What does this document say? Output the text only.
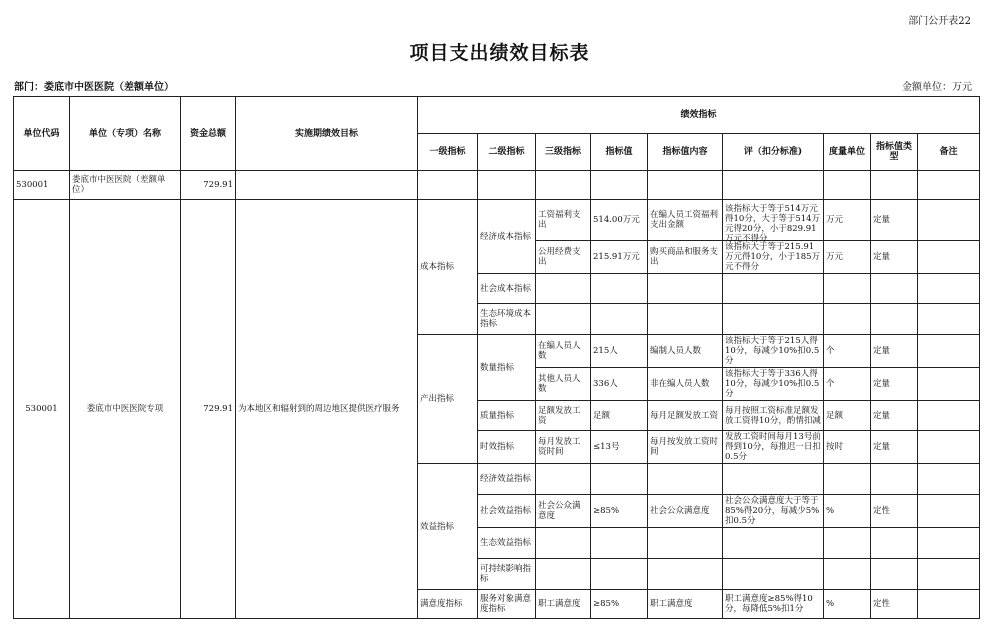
部门公开表22
项目支出绩效目标表
部门：娄底市中医医院（差额单位）	金额单位：万元
单位代码	单位（专项）名称	资金总额	实施期绩效目标	绩效指标								
				一级指标	二级指标	三级指标	指标值	指标值内容	评（扣分标准)	度量单位	指标值类型	备注
530001	娄底市中医医院（差额单位）	729.91										
530001	娄底市中医医院专项	729.91	为本地区和辐射到的周边地区提供医疗服务	成本指标	经济成本指标	工资福利支出	514.00万元	在编人员工资福利支出金额	该指标大于等于514万元得10分，大于等于514万元得20分，小于829.91万元不得分	万元	定量	
						公用经费支出	215.91万元	购买商品和服务支出	该指标大于等于215.91万元得10分，小于185万元不得分	万元	定量	
					社会成本指标							
					生态环境成本指标							
				产出指标	数量指标	在编人员人数	215人	编制人员人数	该指标大于等于215人得10分，每减少10%扣0.5分	个	定量	
						其他人员人数	336人	非在编人员人数	该指标大于等于336人得10分，每减少10%扣0.5分	个	定量	
					质量指标	足额发放工资	足额	每月足额发放工资	每月按照工资标准足额发放工资得10分，酌情扣减	足额	定量	
					时效指标	每月发放工资时间	≤13号	每月按发放工资时间	发放工资时间每月13号前得到10分，每推迟一日扣0.5分	按时	定量	
				效益指标	经济效益指标							
					社会效益指标	社会公众满意度	≥85%	社会公众满意度	社会公众满意度大于等于85%得20分，每减少5%扣0.5分	%	定性	
					生态效益指标							
					可持续影响指标							
				满意度指标	服务对象满意度指标	职工满意度	≥85%	职工满意度	职工满意度≥85%得10分，每降低5%扣1分	%	定性	
